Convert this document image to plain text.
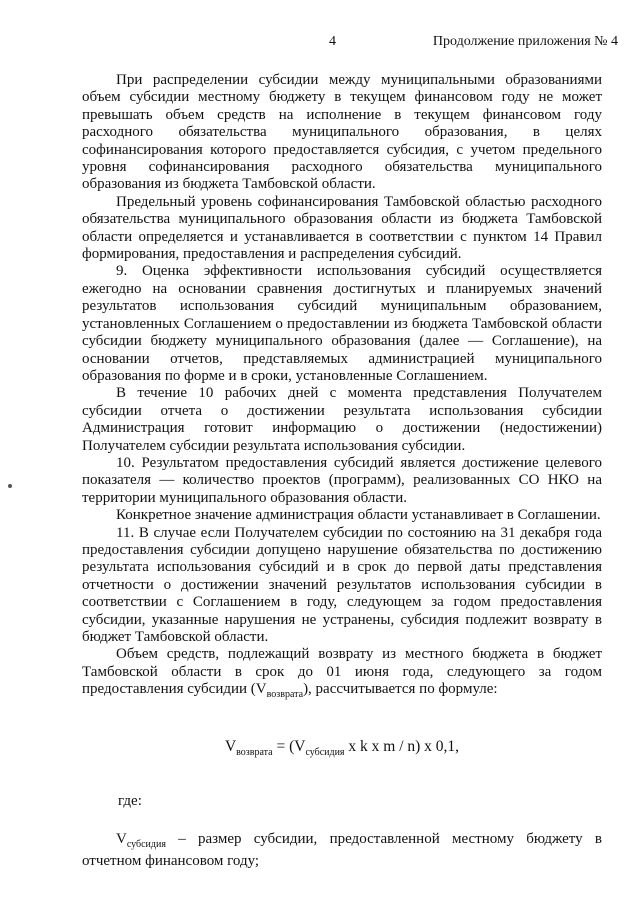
4	Продолжение приложения № 4

При распределении субсидии между муниципальными образованиями объем субсидии местному бюджету в текущем финансовом году не может превышать объем средств на исполнение в текущем финансовом году расходного обязательства муниципального образования, в целях софинансирования которого предоставляется субсидия, с учетом предельного уровня софинансирования расходного обязательства муниципального образования из бюджета Тамбовской области.

Предельный уровень софинансирования Тамбовской областью расходного обязательства муниципального образования области из бюджета Тамбовской области определяется и устанавливается в соответствии с пунктом 14 Правил формирования, предоставления и распределения субсидий.

9. Оценка эффективности использования субсидий осуществляется ежегодно на основании сравнения достигнутых и планируемых значений результатов использования субсидий муниципальным образованием, установленных Соглашением о предоставлении из бюджета Тамбовской области субсидии бюджету муниципального образования (далее — Соглашение), на основании отчетов, представляемых администрацией муниципального образования по форме и в сроки, установленные Соглашением.

В течение 10 рабочих дней с момента представления Получателем субсидии отчета о достижении результата использования субсидии Администрация готовит информацию о достижении (недостижении) Получателем субсидии результата использования субсидии.

10. Результатом предоставления субсидий является достижение целевого показателя — количество проектов (программ), реализованных СО НКО на территории муниципального образования области.

Конкретное значение администрация области устанавливает в Соглашении.

11. В случае если Получателем субсидии по состоянию на 31 декабря года предоставления субсидии допущено нарушение обязательства по достижению результата использования субсидий и в срок до первой даты представления отчетности о достижении значений результатов использования субсидии в соответствии с Соглашением в году, следующем за годом предоставления субсидии, указанные нарушения не устранены, субсидия подлежит возврату в бюджет Тамбовской области.

Объем средств, подлежащий возврату из местного бюджета в бюджет Тамбовской области в срок до 01 июня года, следующего за годом предоставления субсидии $(V_{возврата})$, рассчитывается по формуле:

$V_{возврата} = (V_{субсидия}$ x k x m / n) x 0,1,

где:

$V_{субсидия}$ – размер субсидии, предоставленной местному бюджету в отчетном финансовом году;
